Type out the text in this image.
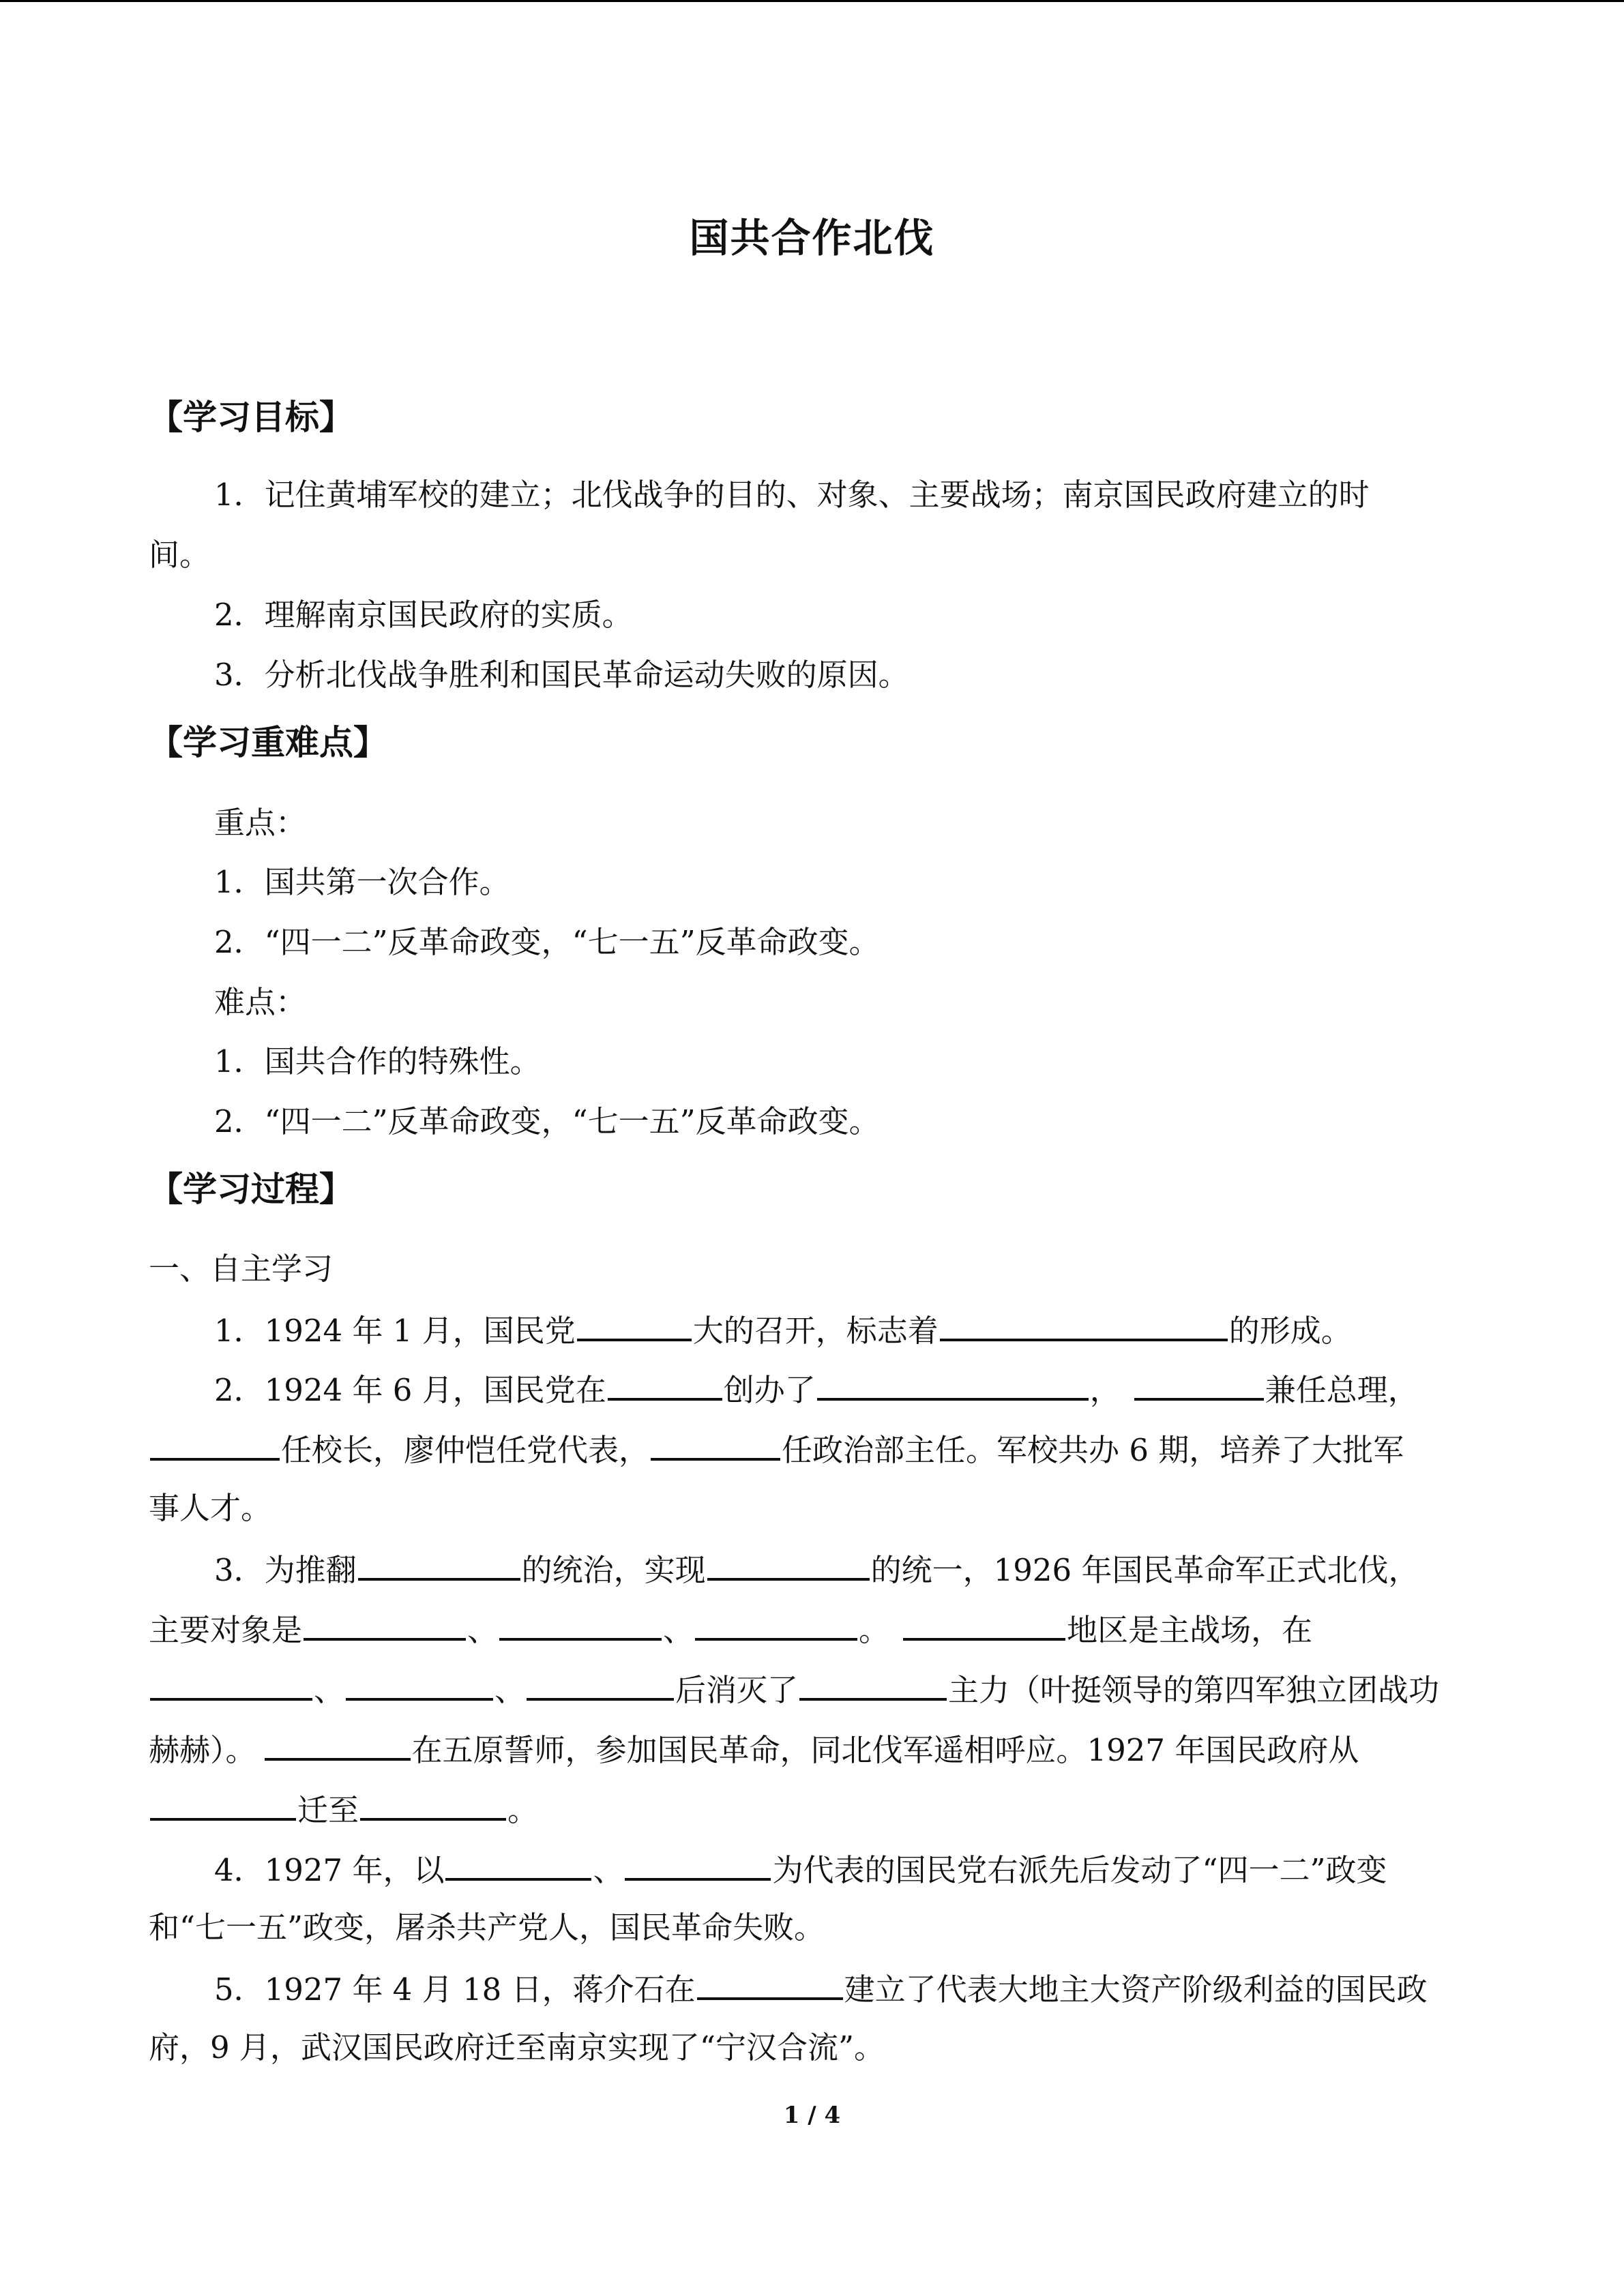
国共合作北伐
【学习目标】
1．记住黄埔军校的建立；北伐战争的目的、对象、主要战场；南京国民政府建立的时
间。
2．理解南京国民政府的实质。
3．分析北伐战争胜利和国民革命运动失败的原因。
【学习重难点】
重点：
1．国共第一次合作。
2．“四一二”反革命政变，“七一五”反革命政变。
难点：
1．国共合作的特殊性。
2．“四一二”反革命政变，“七一五”反革命政变。
【学习过程】
一、自主学习
1．1924 年 1 月，国民党	大的召开，标志着	的形成。
2．1924 年 6 月，国民党在	创办了	，	兼任总理，
任校长，廖仲恺任党代表，	任政治部主任。军校共办 6 期，培养了大批军
事人才。
3．为推翻	的统治，实现	的统一，1926 年国民革命军正式北伐，
主要对象是	、	、	。	地区是主战场，在
、	、	后消灭了	主力（叶挺领导的第四军独立团战功
赫赫）。	在五原誓师，参加国民革命，同北伐军遥相呼应。1927 年国民政府从
迁至	。
4．1927 年，以	、	为代表的国民党右派先后发动了“四一二”政变
和“七一五”政变，屠杀共产党人，国民革命失败。
5．1927 年 4 月 18 日，蒋介石在	建立了代表大地主大资产阶级利益的国民政
府，9 月，武汉国民政府迁至南京实现了“宁汉合流”。
1 / 4
